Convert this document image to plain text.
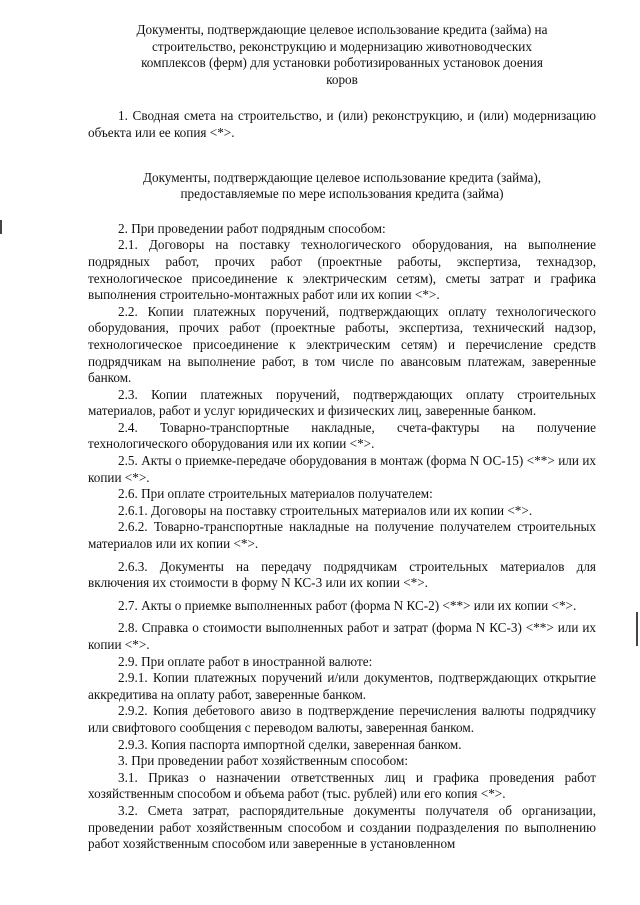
Документы, подтверждающие целевое использование кредита (займа) на строительство, реконструкцию и модернизацию животноводческих комплексов (ферм) для установки роботизированных установок доения коров
1. Сводная смета на строительство, и (или) реконструкцию, и (или) модернизацию объекта или ее копия <*>.
Документы, подтверждающие целевое использование кредита (займа), предоставляемые по мере использования кредита (займа)
2. При проведении работ подрядным способом:
2.1. Договоры на поставку технологического оборудования, на выполнение подрядных работ, прочих работ (проектные работы, экспертиза, технадзор, технологическое присоединение к электрическим сетям), сметы затрат и графика выполнения строительно-монтажных работ или их копии <*>.
2.2. Копии платежных поручений, подтверждающих оплату технологического оборудования, прочих работ (проектные работы, экспертиза, технический надзор, технологическое присоединение к электрическим сетям) и перечисление средств подрядчикам на выполнение работ, в том числе по авансовым платежам, заверенные банком.
2.3. Копии платежных поручений, подтверждающих оплату строительных материалов, работ и услуг юридических и физических лиц, заверенные банком.
2.4. Товарно-транспортные накладные, счета-фактуры на получение технологического оборудования или их копии <*>.
2.5. Акты о приемке-передаче оборудования в монтаж (форма N ОС-15) <**> или их копии <*>.
2.6. При оплате строительных материалов получателем:
2.6.1. Договоры на поставку строительных материалов или их копии <*>.
2.6.2. Товарно-транспортные накладные на получение получателем строительных материалов или их копии <*>.
2.6.3. Документы на передачу подрядчикам строительных материалов для включения их стоимости в форму N КС-3 или их копии <*>.
2.7. Акты о приемке выполненных работ (форма N КС-2) <**> или их копии <*>.
2.8. Справка о стоимости выполненных работ и затрат (форма N КС-3) <**> или их копии <*>.
2.9. При оплате работ в иностранной валюте:
2.9.1. Копии платежных поручений и/или документов, подтверждающих открытие аккредитива на оплату работ, заверенные банком.
2.9.2. Копия дебетового авизо в подтверждение перечисления валюты подрядчику или свифтового сообщения с переводом валюты, заверенная банком.
2.9.3. Копия паспорта импортной сделки, заверенная банком.
3. При проведении работ хозяйственным способом:
3.1. Приказ о назначении ответственных лиц и графика проведения работ хозяйственным способом и объема работ (тыс. рублей) или его копия <*>.
3.2. Смета затрат, распорядительные документы получателя об организации, проведении работ хозяйственным способом и создании подразделения по выполнению работ хозяйственным способом или заверенные в установленном
